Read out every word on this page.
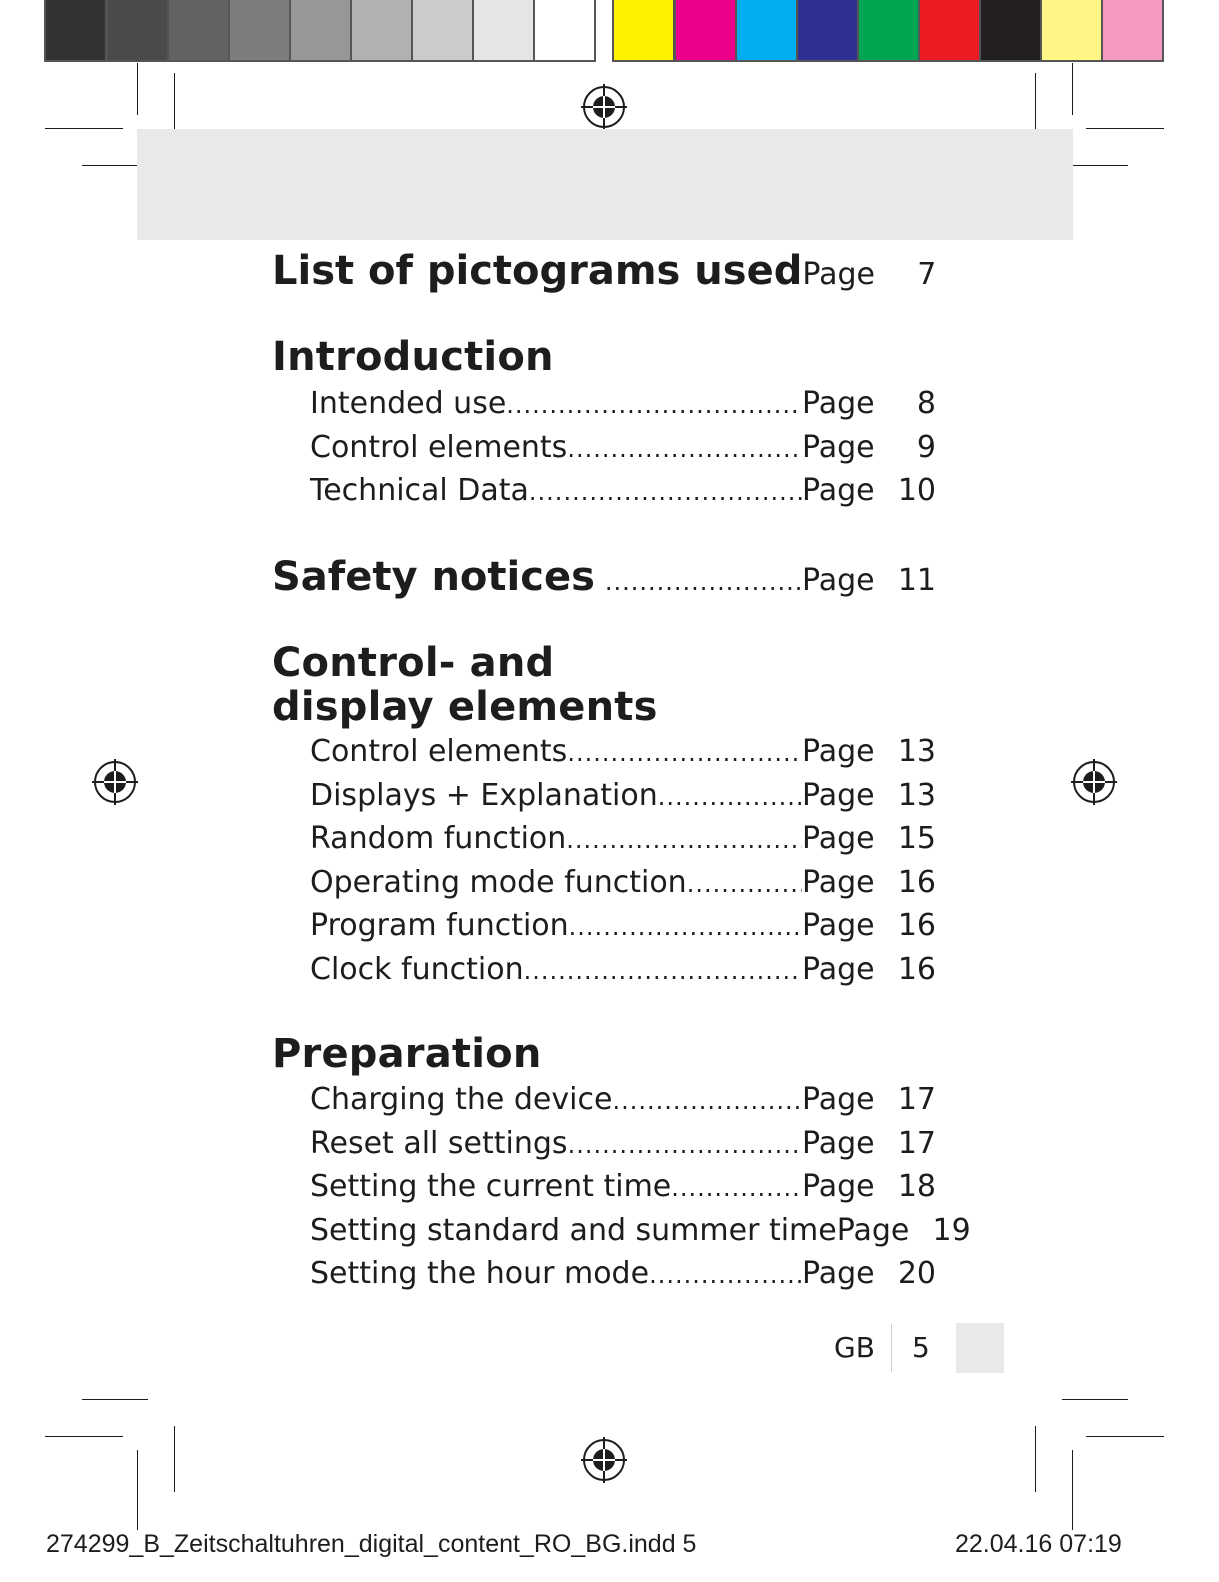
List of pictograms used Page	7
Introduction
Intended use .....	Page	8
Control elements .....	Page	9
Technical Data .....	Page 10
Safety notices .....	Page 11
Control- and
display elements
Control elements .....	Page 13
Displays + Explanation .....	Page 13
Random function .....	Page 15
Operating mode function .....	Page 16
Program function .....	Page 16
Clock function .....	Page 16
Preparation
Charging the device .....	Page 17
Reset all settings .....	Page 17
Setting the current time .....	Page 18
Setting standard and summer time Page 19
Setting the hour mode .....	Page 20
GB 5
274299_B_Zeitschaltuhren_digital_content_RO_BG.indd 5	22.04.16 07:19
